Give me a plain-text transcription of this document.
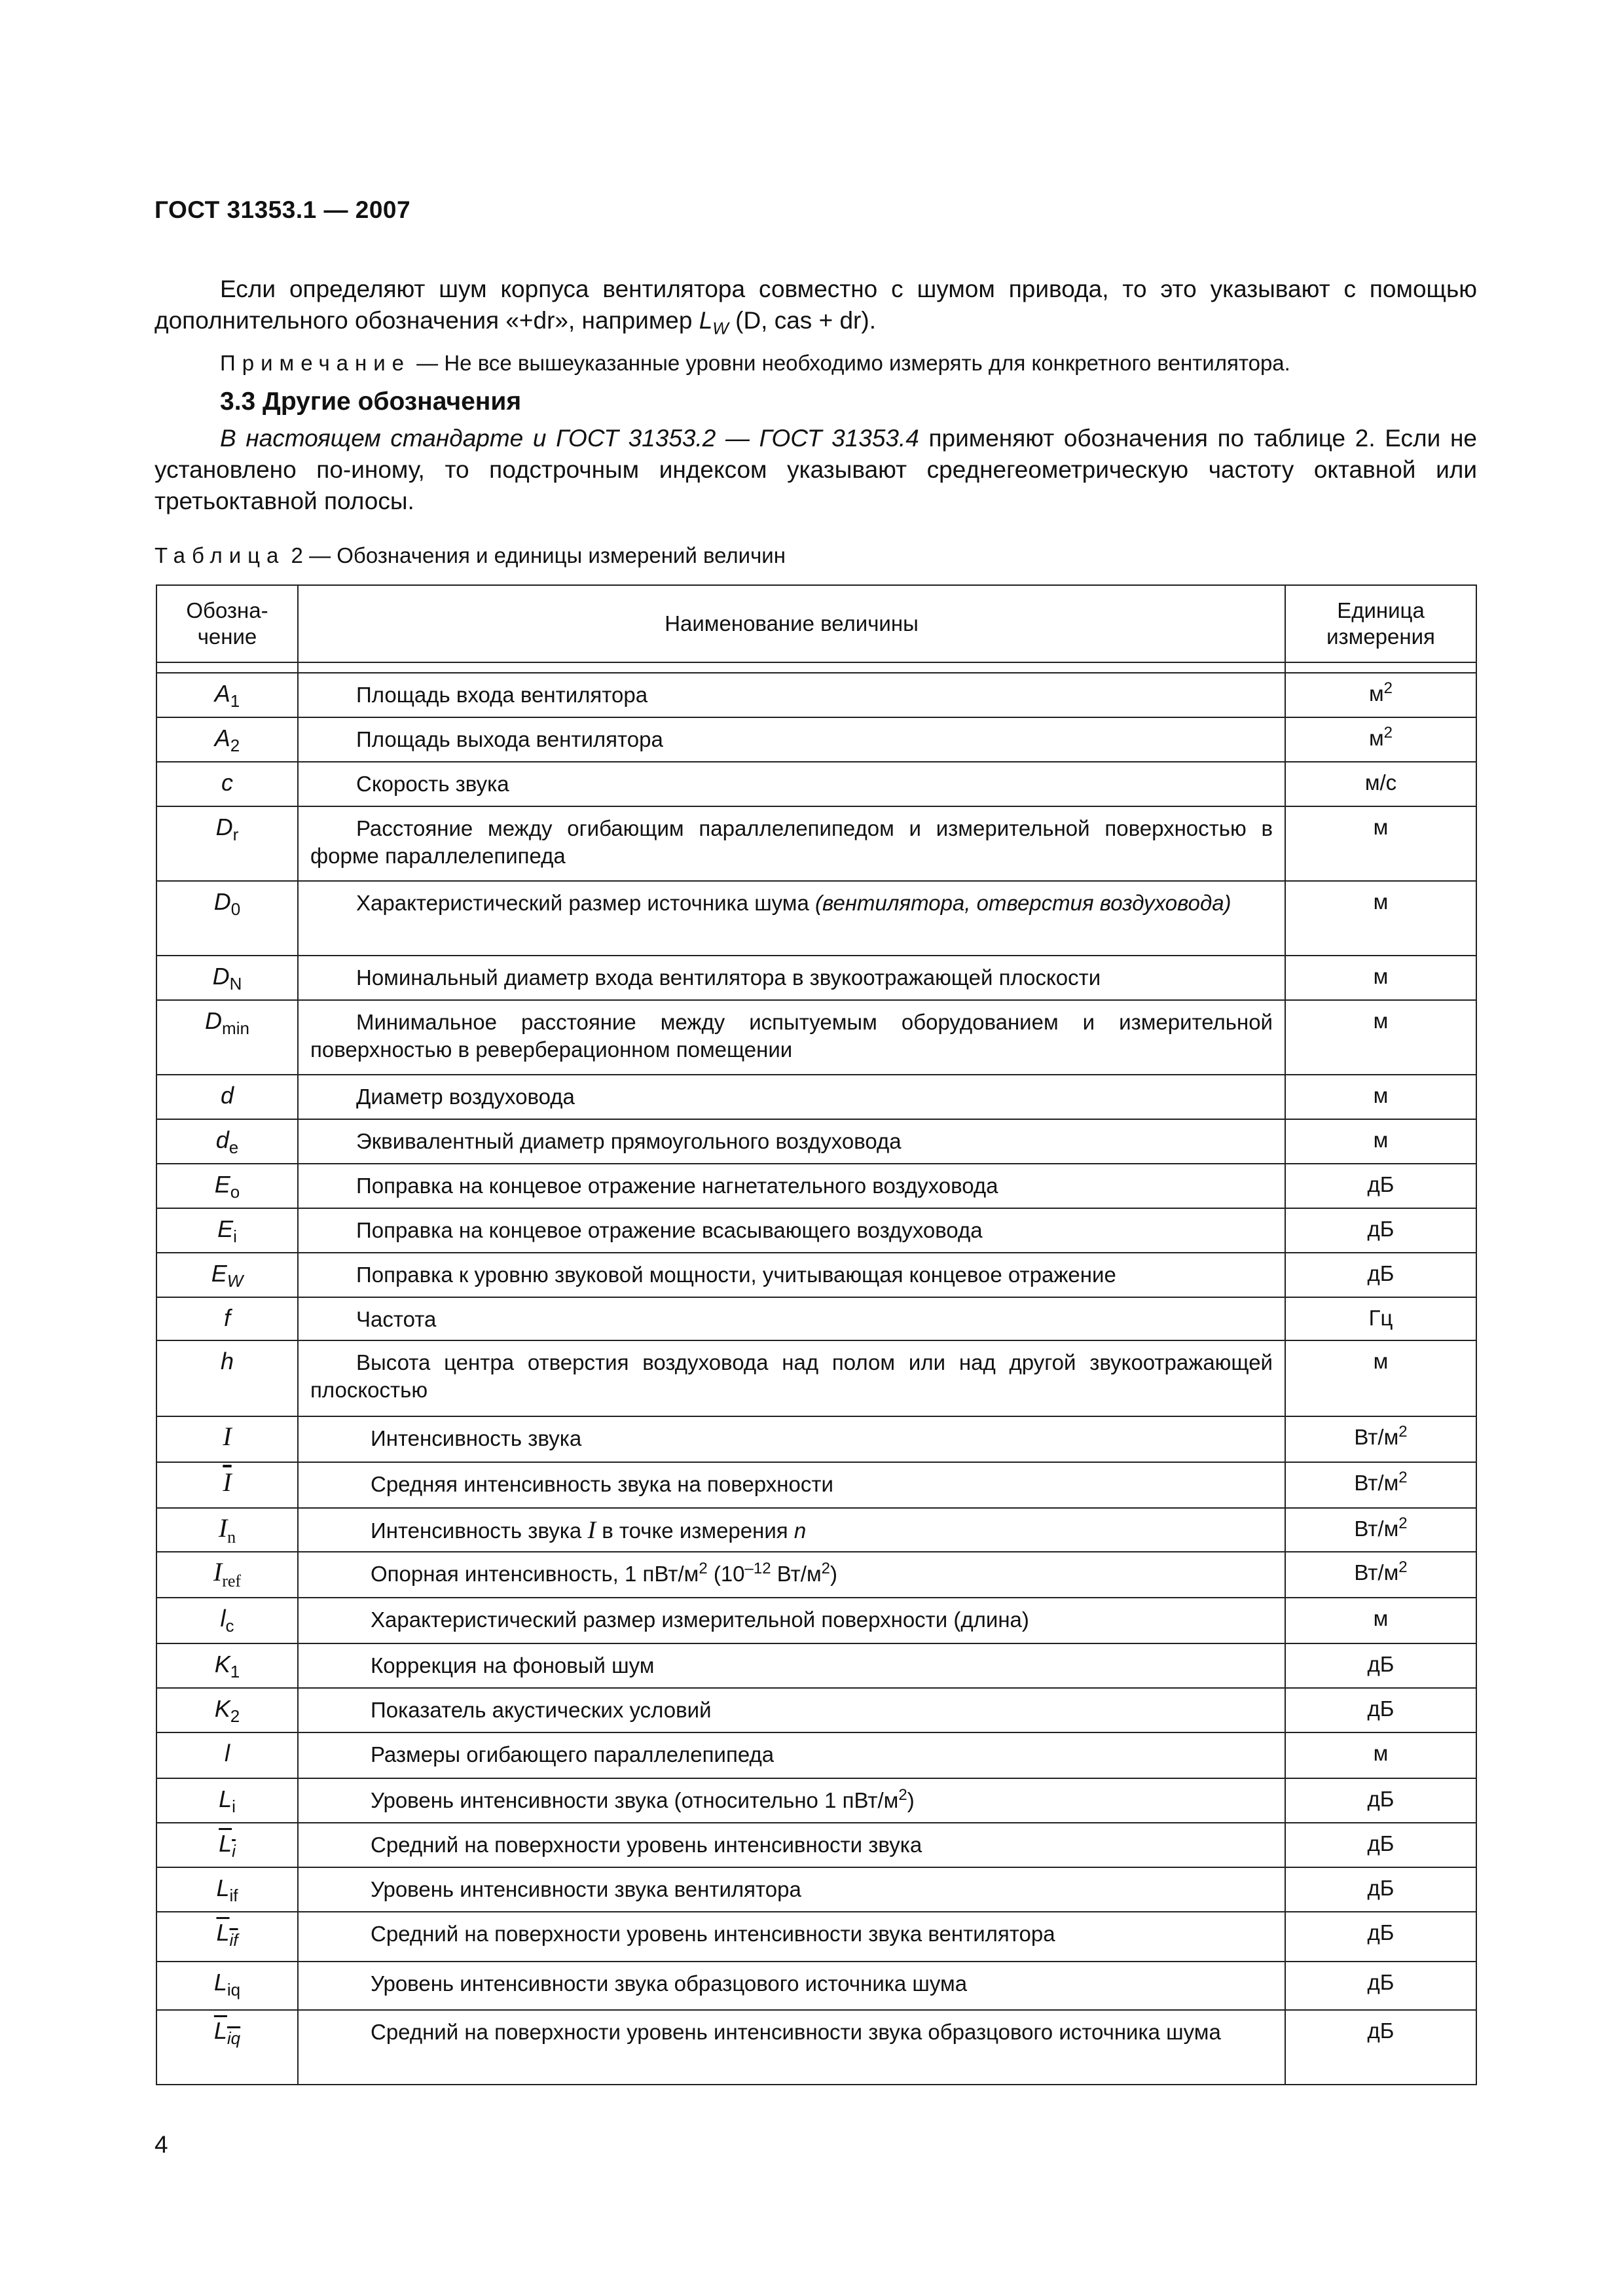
ГОСТ 31353.1 — 2007

Если определяют шум корпуса вентилятора совместно с шумом привода, то это указывают с помощью дополнительного обозначения «+dr», например $L_W$ (D, cas + dr).

Примечание — Не все вышеуказанные уровни необходимо измерять для конкретного вентилятора.
3.3 Другие обозначения

В настоящем стандарте и ГОСТ 31353.2 — ГОСТ 31353.4 применяют обозначения по таблице 2. Если не установлено по-иному, то подстрочным индексом указывают среднегеометрическую частоту октавной или третьоктавной полосы.

Таблица 2 — Обозначения и единицы измерений величин
Обозна-
чение	Наименование величины	Единица
измерения

$A_1$	Площадь входа вентилятора	$м^2$
$A_2$	Площадь выхода вентилятора	$м^2$
c	Скорость звука	м/с
$D_r$	Расстояние между огибающим параллелепипедом и измерительной поверхностью в форме параллелепипеда	м
$D_0$	Характеристический размер источника шума (вентилятора, отверстия воздуховода)	м
$D_N$	Номинальный диаметр входа вентилятора в звукоотражающей плоскости	м
$D_{min}$	Минимальное расстояние между испытуемым оборудованием и измерительной поверхностью в реверберационном помещении	м
d	Диаметр воздуховода	м
$d_e$	Эквивалентный диаметр прямоугольного воздуховода	м
$E_o$	Поправка на концевое отражение нагнетательного воздуховода	дБ
$E_i$	Поправка на концевое отражение всасывающего воздуховода	дБ
$E_W$	Поправка к уровню звуковой мощности, учитывающая концевое отражение	дБ
f	Частота	Гц
h	Высота центра отверстия воздуховода над полом или над другой звукоотражающей плоскостью	м
I	Интенсивность звука	$Вт/м^2$
$\overline{I}$	Средняя интенсивность звука на поверхности	$Вт/м^2$
$I_n$	Интенсивность звука I в точке измерения n	$Вт/м^2$
$I_{ref}$	Опорная интенсивность, 1 пВт/$м^2$ ($10^{-12}$ $Вт/м^2$)	$Вт/м^2$
$l_c$	Характеристический размер измерительной поверхности (длина)	м
$K_1$	Коррекция на фоновый шум	дБ
$K_2$	Показатель акустических условий	дБ
l	Размеры огибающего параллелепипеда	м
$L_i$	Уровень интенсивности звука (относительно 1 пВт/$м^2$)	дБ
$L_i$	Средний на поверхности уровень интенсивности звука	дБ
$L_{if}$	Уровень интенсивности звука вентилятора	дБ
$L_{if}$	Средний на поверхности уровень интенсивности звука вентилятора	дБ
$L_{iq}$	Уровень интенсивности звука образцового источника шума	дБ
$L_{iq}$	Средний на поверхности уровень интенсивности звука образцового источника шума	дБ
4
